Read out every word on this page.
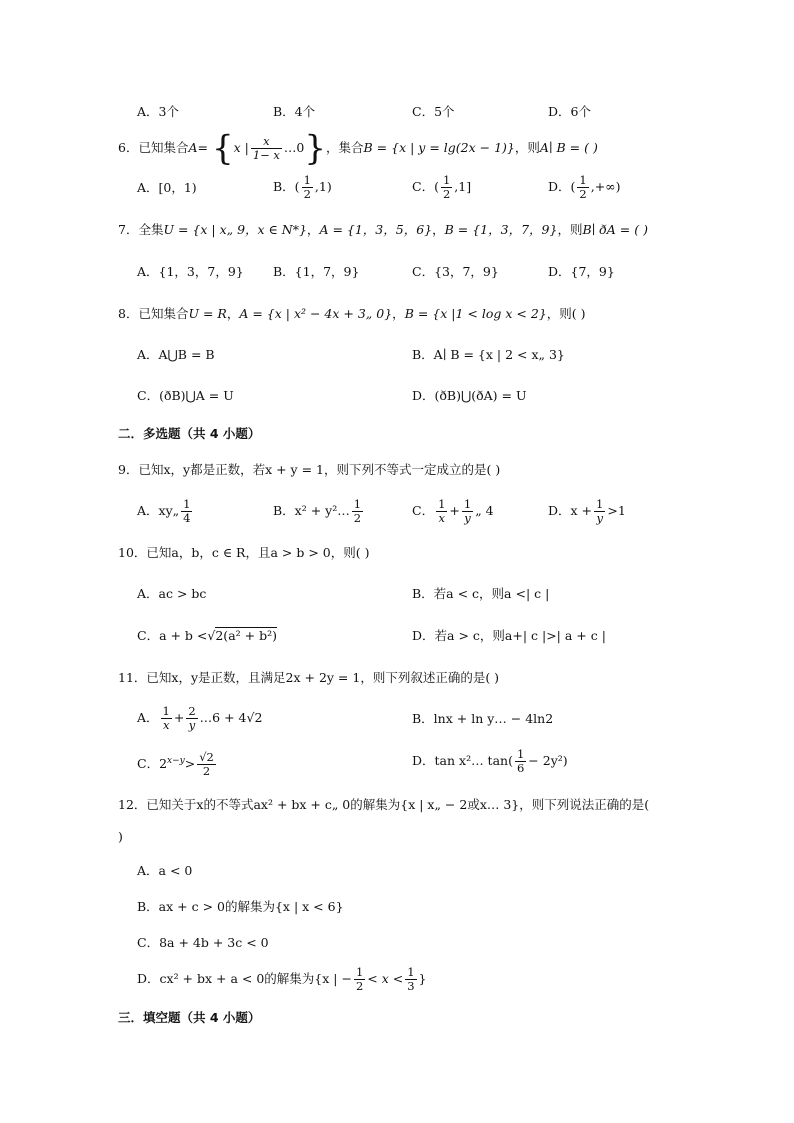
A．3个	B．4个	C．5个	D．6个
6．已知集合A= {x | $\frac{x}{1- x}$ …0}，集合B = {x | y = lg(2x − 1)}，则A∣ B = ( )
A．[0，1)	B．( $\frac{1}{2} ,1$)	C．( $\frac{1}{2} ,1$]	D．( $\frac{1}{2}$ ,+∞)
7．全集U = {x | x„ 9，x ∈ N*}，A = {1，3，5，6}，B = {1，3，7，9}，则B∣ ðA = ( )
A．{1，3，7，9} B．{1，7，9}	C．{3，7，9}	D．{7，9}
8．已知集合U = R，A = {x | x² − 4x + 3„ 0}，B = {x |1 < log x < 2}，则( )
A．A⋃B = B	B．A∣ B = {x | 2 < x„ 3}
C．(ðB)⋃A = U	D．(ðB)⋃(ðA) = U
二．多选题（共 4 小题）
9．已知x，y都是正数，若x + y = 1，则下列不等式一定成立的是( )
A．xy„ $\frac{1}{4}$	B．x² + y²… $\frac{1}{2}$	C． $\frac{1}{x} + \frac{1}{y}$ „ 4	D．$x + \frac{1}{y} >1$
10．已知a，b，c ∈ R，且a > b > 0，则( )
A．ac > bc	B．若a < c，则a <| c |
C．a + b <√2(a² + b²)	D．若a > c，则a+| c |>| a + c |
11．已知x，y是正数，且满足2x + 2y = 1，则下列叙述正确的是( )
A． $\frac{1}{x} + \frac{2}{y}$ …6 + 4√2	B．lnx + ln y… − 4ln2
C．$2^{x-y}> \frac{√2}{2}$	D．tan x²… $\tan( \frac{1}{6} - 2y^2)$
12．已知关于x的不等式ax² + bx + c„ 0的解集为{x | x„ − 2或x… 3}，则下列说法正确的是(
)
A．a < 0
B．ax + c > 0的解集为{x | x < 6}
C．8a + 4b + 3c < 0
D．cx² + bx + a < 0的解集为{x | − $\frac{1}{2} < x < \frac{1}{3}$ }
三．填空题（共 4 小题）
